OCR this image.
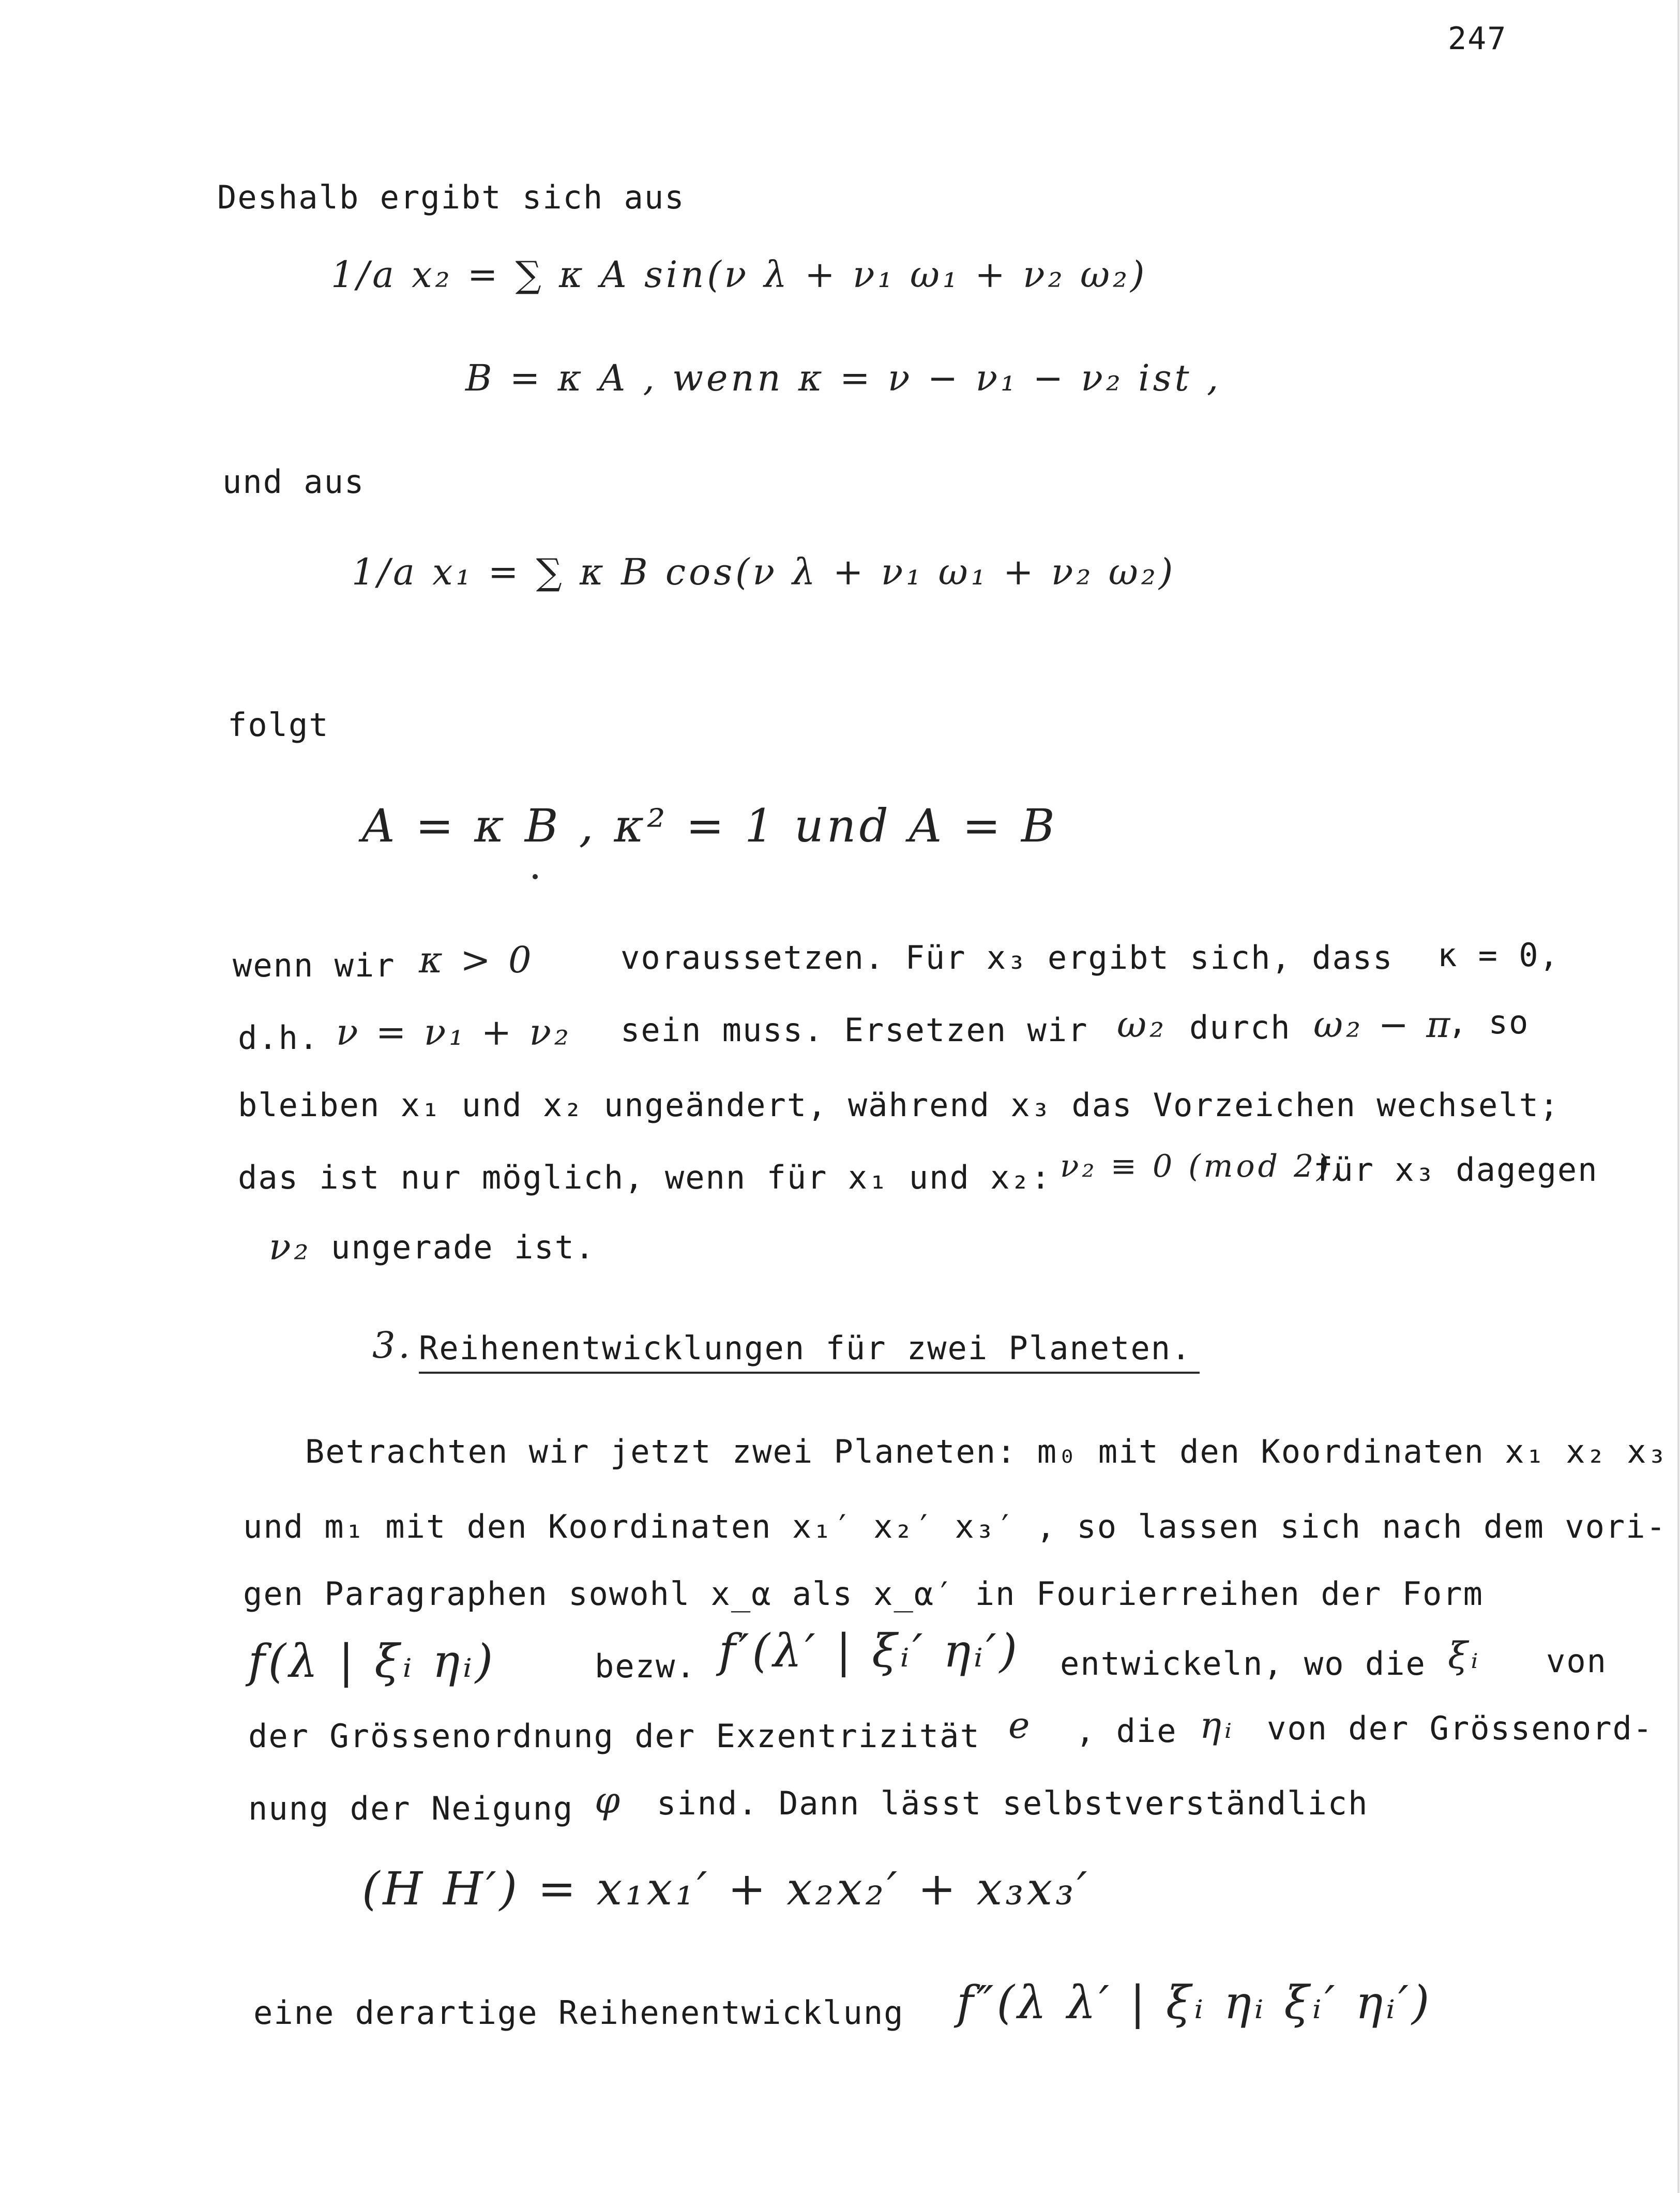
247
Deshalb ergibt sich aus
1/a x₂ = ∑ κ A sin(ν λ + ν₁ ω₁ + ν₂ ω₂)
B = κ A , wenn κ = ν − ν₁ − ν₂ ist ,
und aus
1/a x₁ = ∑ κ B cos(ν λ + ν₁ ω₁ + ν₂ ω₂)
folgt
A = κ B , κ² = 1 und A = B
wenn wir κ > 0	voraussetzen. Für x₃ ergibt sich, dass κ = 0,
d.h. ν = ν₁ + ν₂ sein muss. Ersetzen wir ω₂ durch ω₂ − π
, so
bleiben x₁ und x₂ ungeändert, während x₃ das Vorzeichen wechselt;
das ist nur möglich, wenn für x₁ und x₂: ν₂ ≡ 0 (mod 2),
für x₃ dagegen
ν₂ ungerade ist.
3. Reihenentwicklungen für zwei Planeten.
Betrachten wir jetzt zwei Planeten: m₀ mit den Koordinaten x₁ x₂ x₃
und m₁ mit den Koordinaten x₁′ x₂′ x₃′ , so lassen sich nach dem vori-
gen Paragraphen sowohl x_α als x_α′ in Fourierreihen der Form
f(λ | ξᵢ ηᵢ)	bezw. f′(λ′ | ξᵢ′ ηᵢ′) entwickeln, wo die ξᵢ von
der Grössenordnung der Exzentrizität e , die ηᵢ von der Grössenord-
nung der Neigung φ sind. Dann lässt selbstverständlich
(H H′) = x₁x₁′ + x₂x₂′ + x₃x₃′
eine derartige Reihenentwicklung f″(λ λ′ | ξᵢ ηᵢ ξᵢ′ ηᵢ′)
